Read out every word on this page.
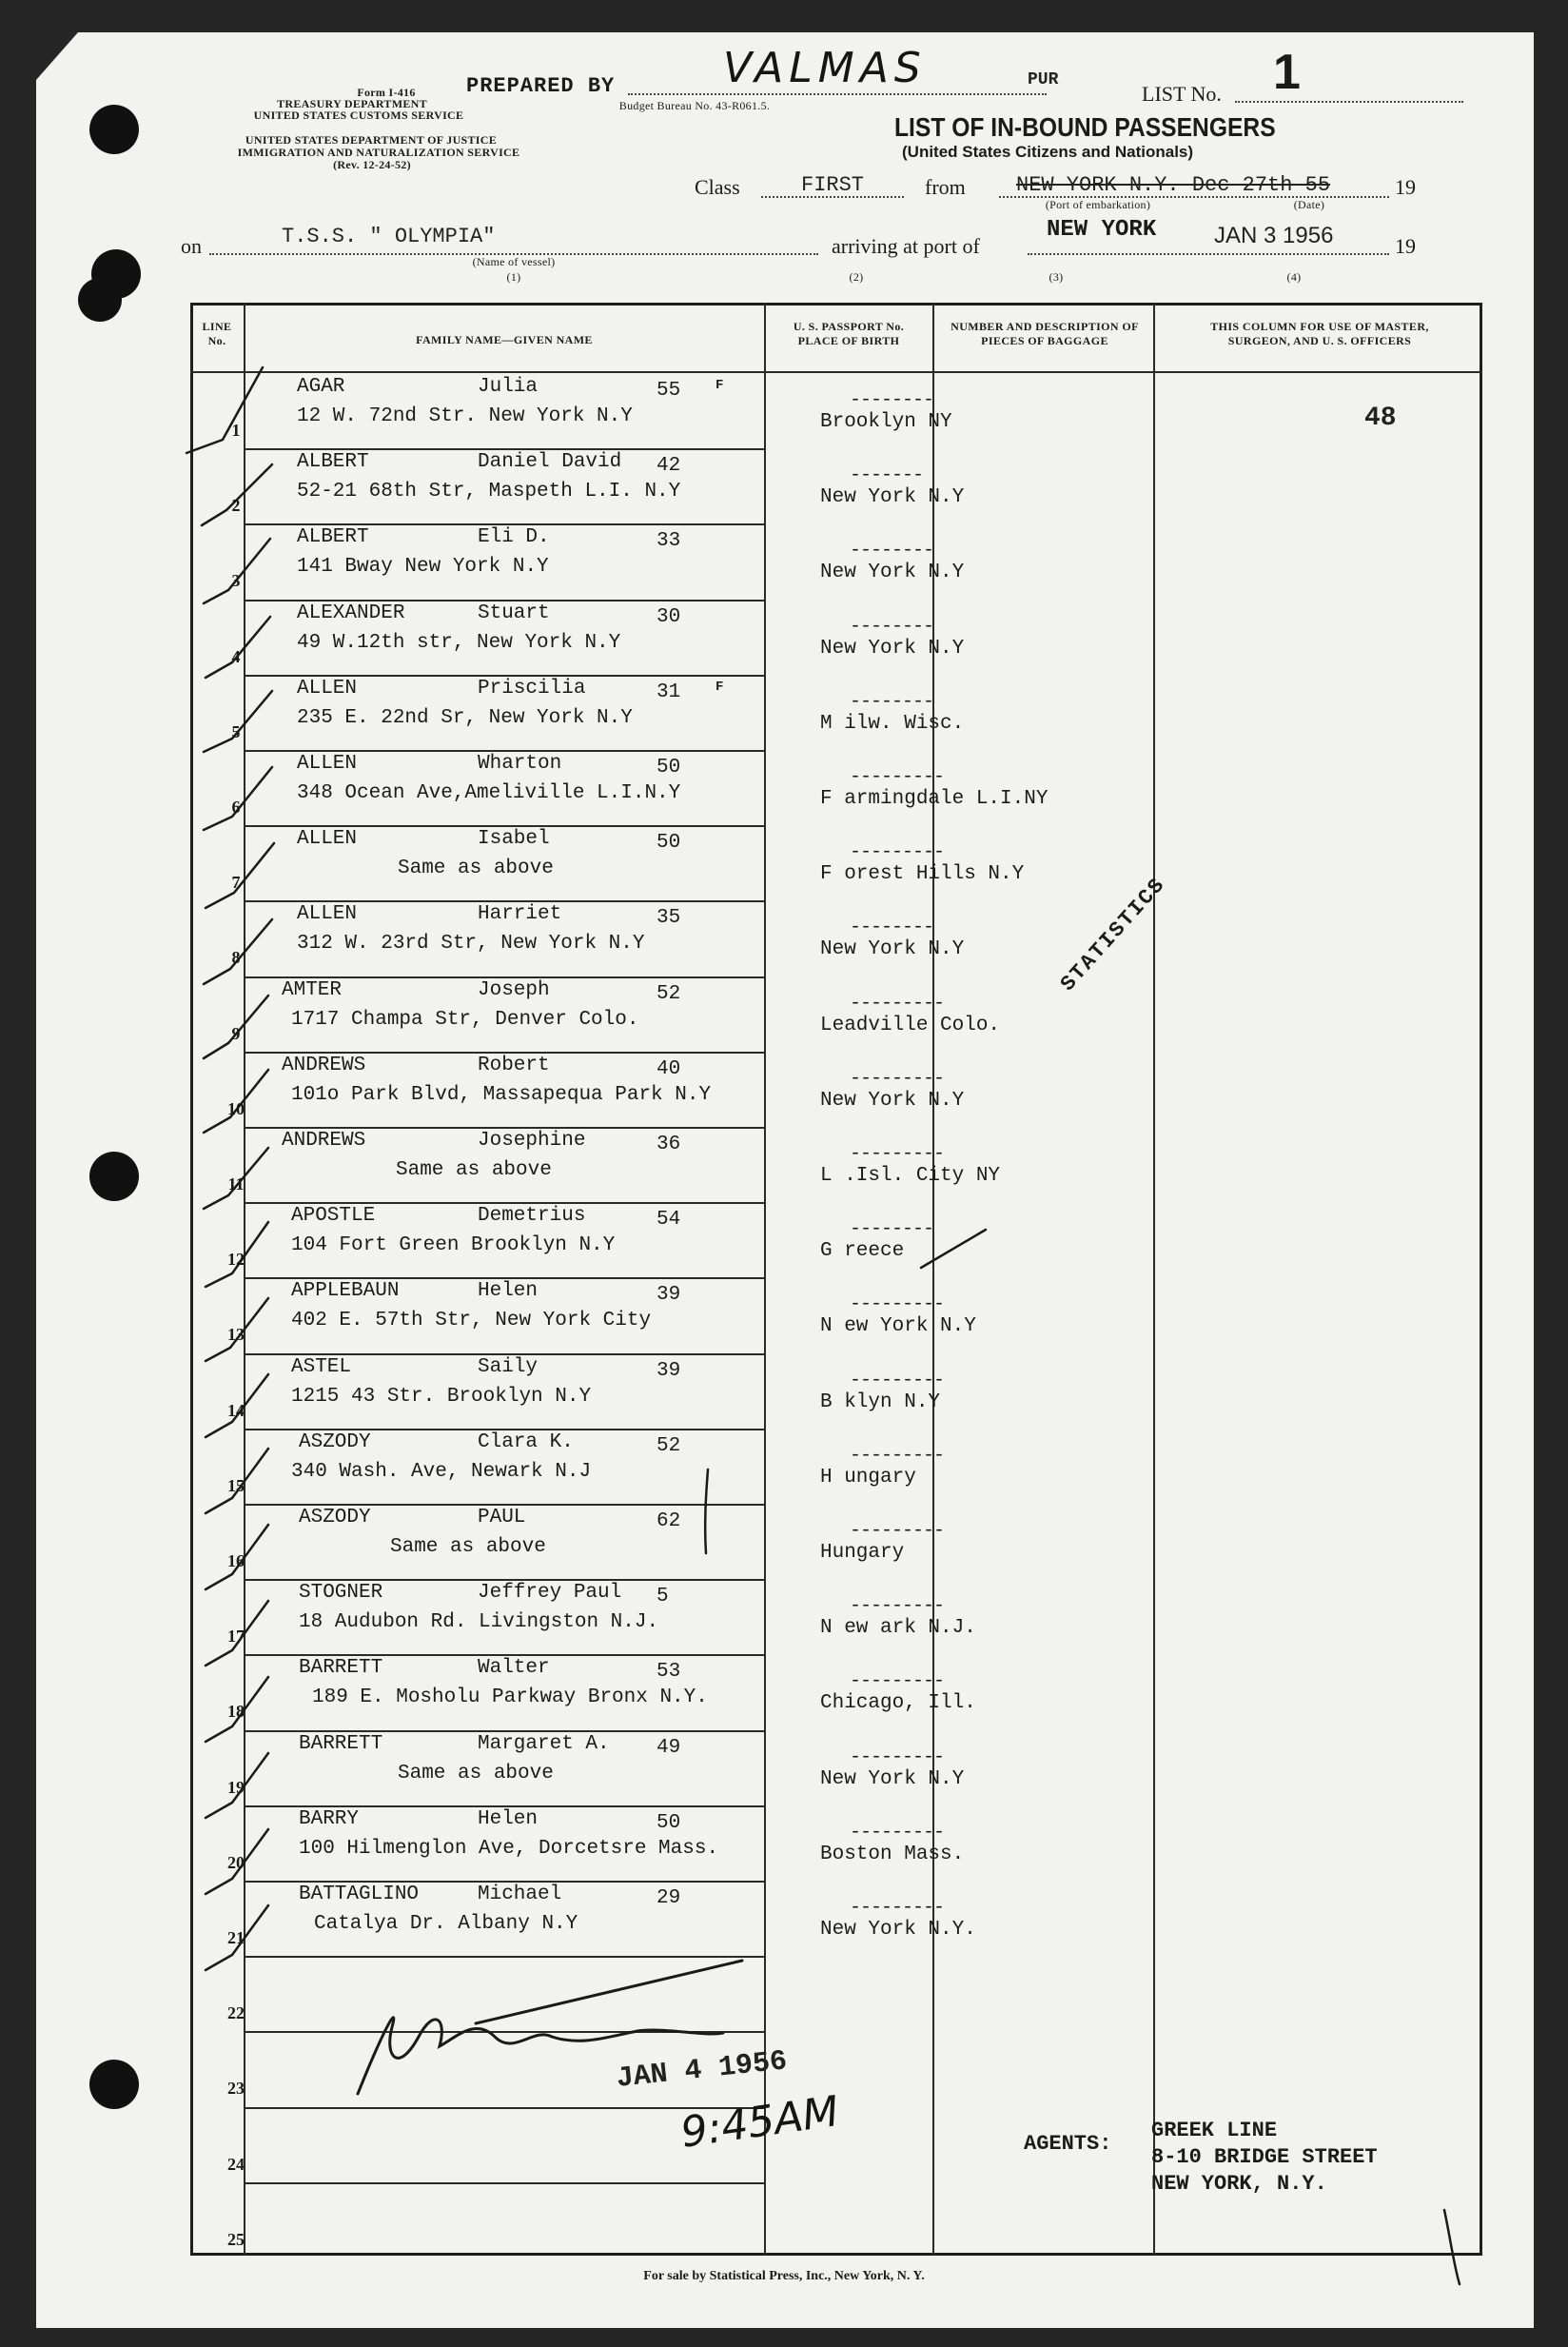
Form I-416
TREASURY DEPARTMENT
UNITED STATES CUSTOMS SERVICE
UNITED STATES DEPARTMENT OF JUSTICE
IMMIGRATION AND NATURALIZATION SERVICE
(Rev. 12-24-52)
PREPARED BY
Budget Bureau No. 43-R061.5.
VALMAS	PUR
LIST No. 1
LIST OF IN-BOUND PASSENGERS
(United States Citizens and Nationals)
Class	FIRST	from NEW YORK N.Y. Dec 27th 55	19
(Port of embarkation)	(Date)
on	T.S.S. " OLYMPIA"
(Name of vessel)
(1)
arriving at port of
NEW YORK	JAN 3 1956	19
(2)	(3)	(4)
LINE No.	FAMILY NAME—GIVEN NAME
U. S. PASSPORT No. PLACE OF BIRTH
NUMBER AND DESCRIPTION OF PIECES OF BAGGAGE
THIS COLUMN FOR USE OF MASTER, SURGEON, AND U. S. OFFICERS
48
1
AGAR	Julia	55	F
12 W. 72nd Str. New York N.Y
--------
Brooklyn NY
2
ALBERT	Daniel David 42
52-21 68th Str, Maspeth L.I. N.Y
-------
New York N.Y
3
ALBERT	Eli D.	33
141 Bway New York N.Y
--------
New York N.Y
4
ALEXANDER	Stuart	30
49 W.12th str, New York N.Y
--------
New York N.Y
5
ALLEN	Priscilia	31	F
235 E. 22nd Sr, New York N.Y
--------
M ilw. Wisc.
6
ALLEN	Wharton	50
348 Ocean Ave,Ameliville L.I.N.Y
---------
F armingdale L.I.NY
7
ALLEN	Isabel	50
Same as above
---------
F orest Hills N.Y
8
ALLEN	Harriet	35
312 W. 23rd Str, New York N.Y
--------
New York N.Y
9
AMTER	Joseph	52
1717 Champa Str, Denver Colo.
---------
Leadville Colo.
10
ANDREWS	Robert	40
101o Park Blvd, Massapequa Park N.Y
---------
New York N.Y
11
ANDREWS	Josephine	36
Same as above
---------
L .Isl. City NY
12
APOSTLE	Demetrius	54
104 Fort Green Brooklyn N.Y
--------
G reece
13
APPLEBAUN	Helen	39
402 E. 57th Str, New York City
---------
N ew York N.Y
14
ASTEL	Saily	39
1215 43 Str. Brooklyn N.Y
---------
B klyn N.Y
15
ASZODY	Clara K.	52
340 Wash. Ave, Newark N.J
---------
H ungary
16
ASZODY	PAUL	62
Same as above
---------
Hungary
17
STOGNER	Jeffrey Paul 5
18 Audubon Rd. Livingston N.J.
---------
N ew ark N.J.
18
BARRETT	Walter	53
189 E. Mosholu Parkway Bronx N.Y.
---------
Chicago, Ill.
19
BARRETT	Margaret A. 49
Same as above
---------
New York N.Y
20
BARRY	Helen	50
100 Hilmenglon Ave, Dorcetsre Mass.
---------
Boston Mass.
21
BATTAGLINO	Michael	29
Catalya Dr. Albany N.Y
---------
New York N.Y.
22
23
24
25
STATISTICS
JAN 4 1956
9:45AM	AGENTS:
GREEK LINE
8-10 BRIDGE STREET
NEW YORK, N.Y.
For sale by Statistical Press, Inc., New York, N. Y.
